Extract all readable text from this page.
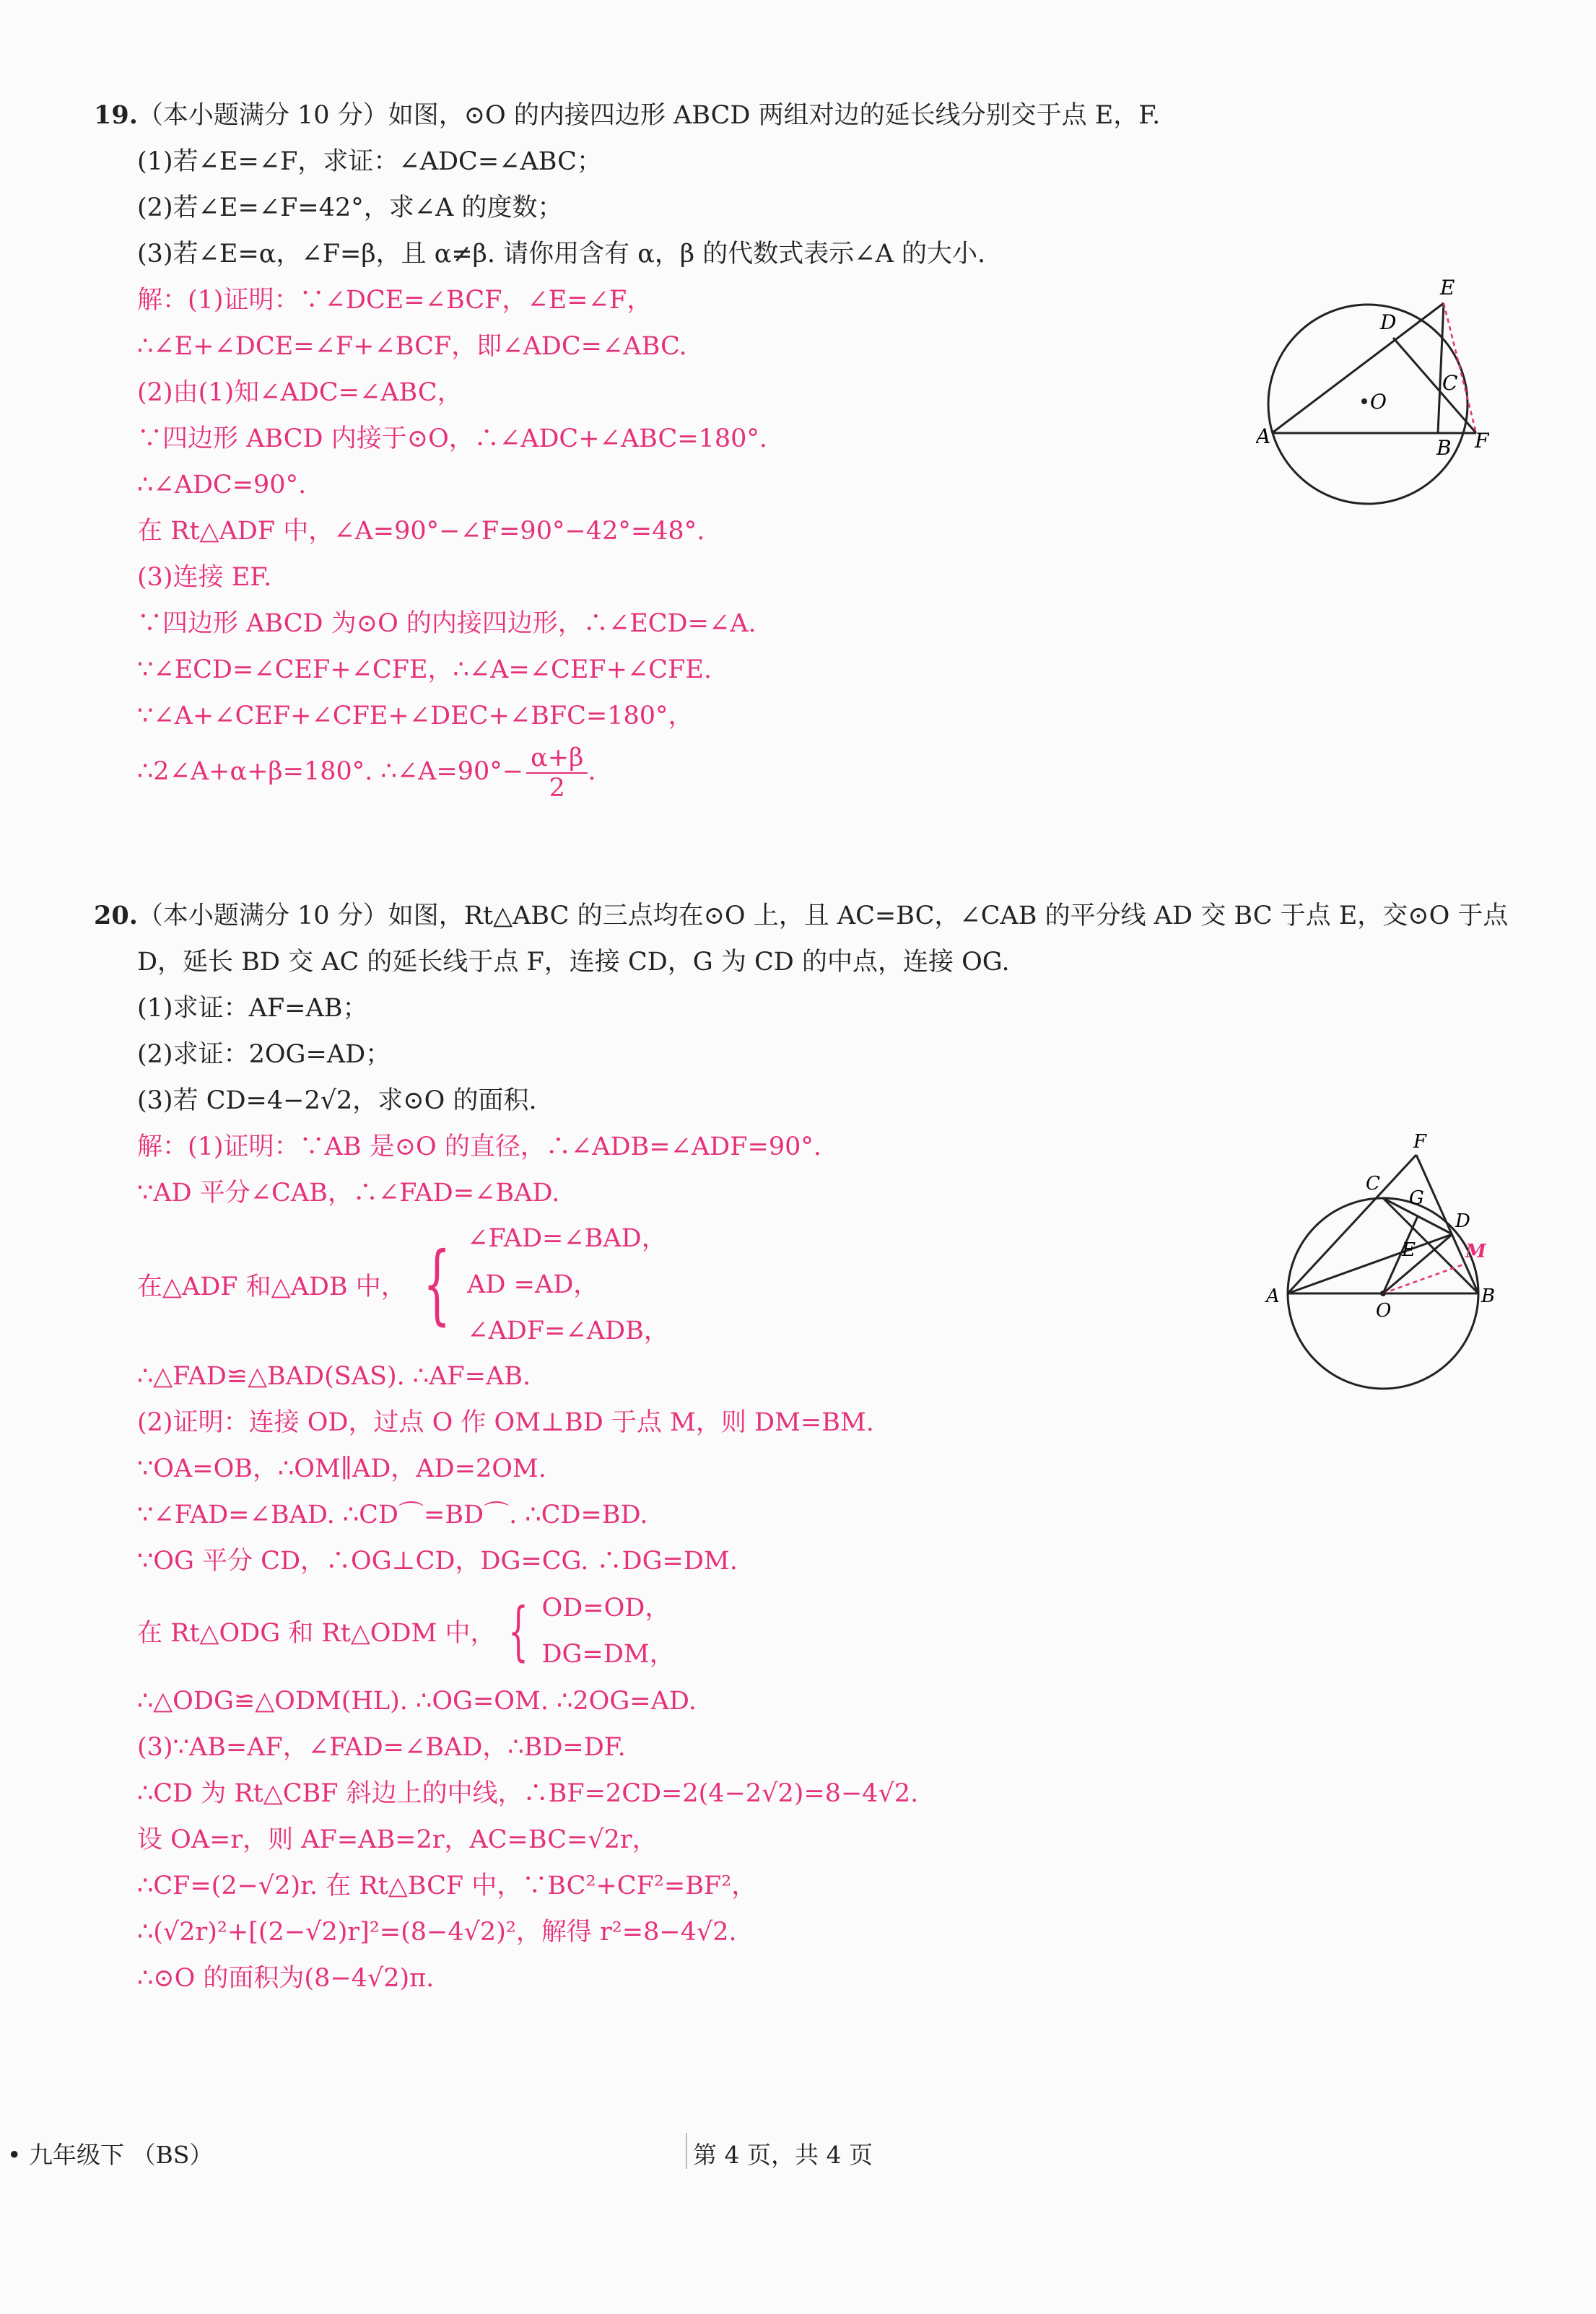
19.（本小题满分 10 分）如图，⊙O 的内接四边形 ABCD 两组对边的延长线分别交于点 E，F.
(1)若∠E=∠F，求证：∠ADC=∠ABC；
(2)若∠E=∠F=42°，求∠A 的度数；
(3)若∠E=α，∠F=β，且 α≠β. 请你用含有 α，β 的代数式表示∠A 的大小.
解：(1)证明：∵∠DCE=∠BCF，∠E=∠F，
∴∠E+∠DCE=∠F+∠BCF，即∠ADC=∠ABC.
(2)由(1)知∠ADC=∠ABC，
∵四边形 ABCD 内接于⊙O，∴∠ADC+∠ABC=180°.
∴∠ADC=90°.
在 Rt△ADF 中，∠A=90°−∠F=90°−42°=48°.
(3)连接 EF.
∵四边形 ABCD 为⊙O 的内接四边形，∴∠ECD=∠A.
∵∠ECD=∠CEF+∠CFE，∴∠A=∠CEF+∠CFE.
∵∠A+∠CEF+∠CFE+∠DEC+∠BFC=180°，
∴2∠A+α+β=180°. ∴∠A=90°− $\frac{\alpha+\beta}{2}$ .
O
E
D
C
A	B F
20.（本小题满分 10 分）如图，Rt△ABC 的三点均在⊙O 上，且 AC=BC，∠CAB 的平分线 AD 交 BC 于点 E，交⊙O 于点
D，延长 BD 交 AC 的延长线于点 F，连接 CD，G 为 CD 的中点，连接 OG.
(1)求证：AF=AB；
(2)求证：2OG=AD；
(3)若 CD=4−2√2，求⊙O 的面积.
解：(1)证明：∵AB 是⊙O 的直径，∴∠ADB=∠ADF=90°.
∵AD 平分∠CAB，∴∠FAD=∠BAD.
在△ADF 和△ADB 中， { ∠FAD=∠BAD，
AD =AD，
∠ADF=∠ADB，
∴△FAD≌△BAD(SAS). ∴AF=AB.
(2)证明：连接 OD，过点 O 作 OM⊥BD 于点 M，则 DM=BM.
∵OA=OB，∴OM∥AD，AD=2OM.
∵∠FAD=∠BAD. ∴CD⌒=BD⌒. ∴CD=BD.
∵OG 平分 CD，∴OG⊥CD，DG=CG. ∴DG=DM.
在 Rt△ODG 和 Rt△ODM 中， { OD=OD，
DG=DM，
∴△ODG≌△ODM(HL). ∴OG=OM. ∴2OG=AD.
(3)∵AB=AF，∠FAD=∠BAD，∴BD=DF.
∴CD 为 Rt△CBF 斜边上的中线，∴BF=2CD=2(4−2√2)=8−4√2.
设 OA=r，则 AF=AB=2r，AC=BC=√2r，
∴CF=(2−√2)r. 在 Rt△BCF 中，∵BC²+CF²=BF²，
∴(√2r)²+[(2−√2)r]²=(8−4√2)²，解得 r²=8−4√2.
∴⊙O 的面积为(8−4√2)π.
F
C
G
D
E	M
A
O
B
• 九年级下 （BS）	第 4 页，共 4 页
